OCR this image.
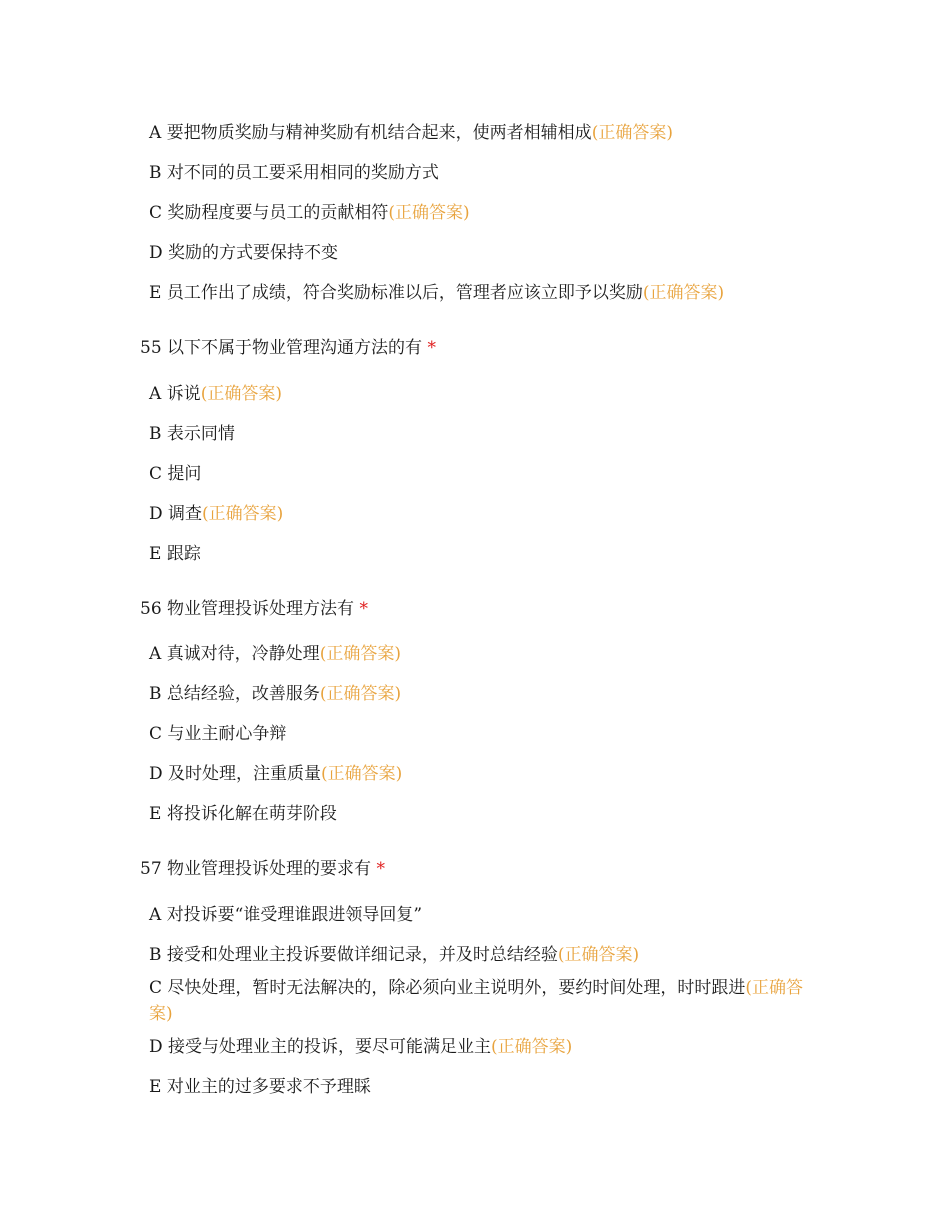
A 要把物质奖励与精神奖励有机结合起来，使两者相辅相成(正确答案)
B 对不同的员工要采用相同的奖励方式
C 奖励程度要与员工的贡献相符(正确答案)
D 奖励的方式要保持不变
E 员工作出了成绩，符合奖励标准以后，管理者应该立即予以奖励(正确答案)
55 以下不属于物业管理沟通方法的有 *
A 诉说(正确答案)
B 表示同情
C 提问
D 调查(正确答案)
E 跟踪
56 物业管理投诉处理方法有 *
A 真诚对待，冷静处理(正确答案)
B 总结经验，改善服务(正确答案)
C 与业主耐心争辩
D 及时处理，注重质量(正确答案)
E 将投诉化解在萌芽阶段
57 物业管理投诉处理的要求有 *
A 对投诉要“谁受理谁跟进领导回复”
B 接受和处理业主投诉要做详细记录，并及时总结经验(正确答案)
C 尽快处理，暂时无法解决的，除必须向业主说明外，要约时间处理，时时跟进(正确答案)
D 接受与处理业主的投诉，要尽可能满足业主(正确答案)
E 对业主的过多要求不予理睬
